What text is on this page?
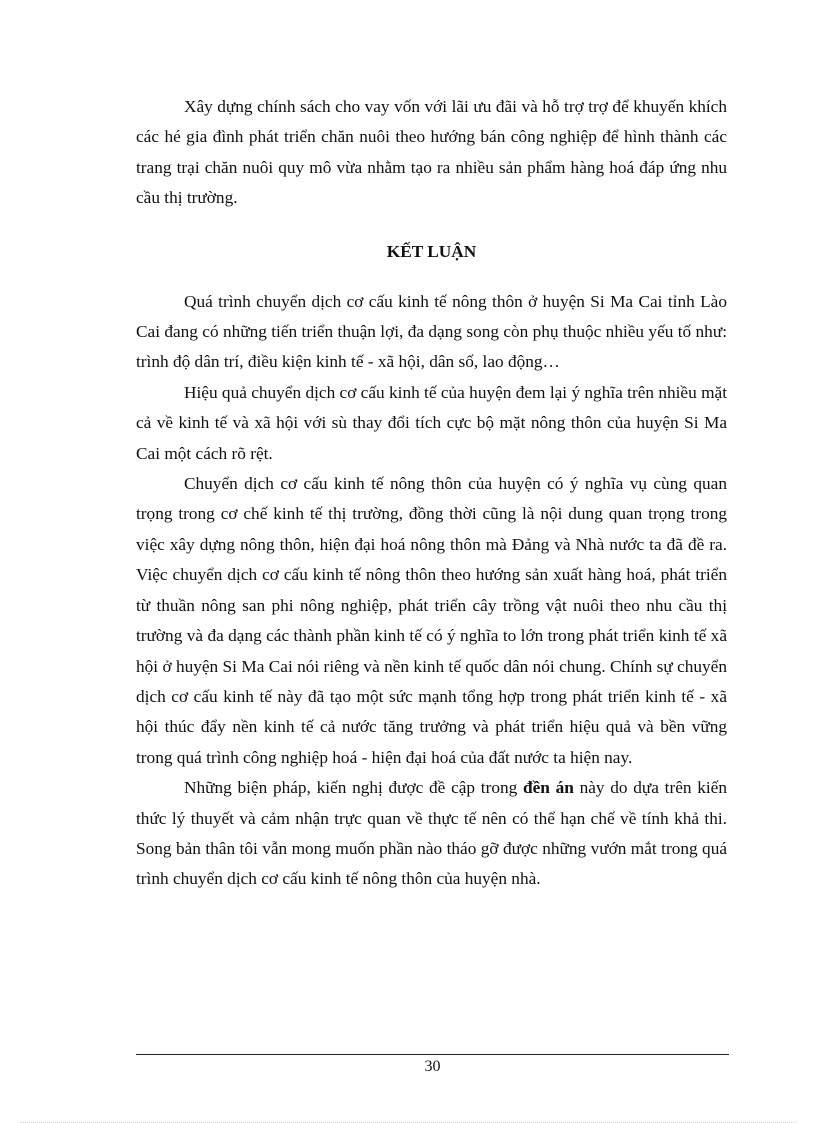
Xây dựng chính sách cho vay vốn với lãi ưu đãi và hỗ trợ trợ để khuyến khích các hé gia đình phát triển chăn nuôi theo hướng bán công nghiệp để hình thành các trang trại chăn nuôi quy mô vừa nhằm tạo ra nhiều sản phẩm hàng hoá đáp ứng nhu cầu thị trường.

KẾT LUẬN

Quá trình chuyển dịch cơ cấu kinh tế nông thôn ở huyện Si Ma Cai tỉnh Lào Cai đang có những tiến triển thuận lợi, đa dạng song còn phụ thuộc nhiều yếu tố như: trình độ dân trí, điều kiện kinh tế - xã hội, dân số, lao động…

Hiệu quả chuyển dịch cơ cấu kinh tế của huyện đem lại ý nghĩa trên nhiều mặt cả về kinh tế và xã hội với sù thay đổi tích cực bộ mặt nông thôn của huyện Si Ma Cai một cách rõ rệt.

Chuyển dịch cơ cấu kinh tế nông thôn của huyện có ý nghĩa vụ cùng quan trọng trong cơ chế kinh tế thị trường, đồng thời cũng là nội dung quan trọng trong việc xây dựng nông thôn, hiện đại hoá nông thôn mà Đảng và Nhà nước ta đã đề ra. Việc chuyển dịch cơ cấu kinh tế nông thôn theo hướng sản xuất hàng hoá, phát triển từ thuần nông san phi nông nghiệp, phát triển cây trồng vật nuôi theo nhu cầu thị trường và đa dạng các thành phần kinh tế có ý nghĩa to lớn trong phát triển kinh tế xã hội ở huyện Si Ma Cai nói riêng và nền kinh tế quốc dân nói chung. Chính sự chuyển dịch cơ cấu kinh tế này đã tạo một sức mạnh tổng hợp trong phát triển kinh tế - xã hội thúc đẩy nền kinh tế cả nước tăng trưởng và phát triển hiệu quả và bền vững trong quá trình công nghiệp hoá - hiện đại hoá của đất nước ta hiện nay.

Những biện pháp, kiến nghị được đề cập trong đền án này do dựa trên kiến thức lý thuyết và cảm nhận trực quan về thực tế nên có thể hạn chế về tính khả thi. Song bản thân tôi vẫn mong muốn phần nào tháo gỡ được những vướn mắt trong quá trình chuyển dịch cơ cấu kinh tế nông thôn của huyện nhà.

30
